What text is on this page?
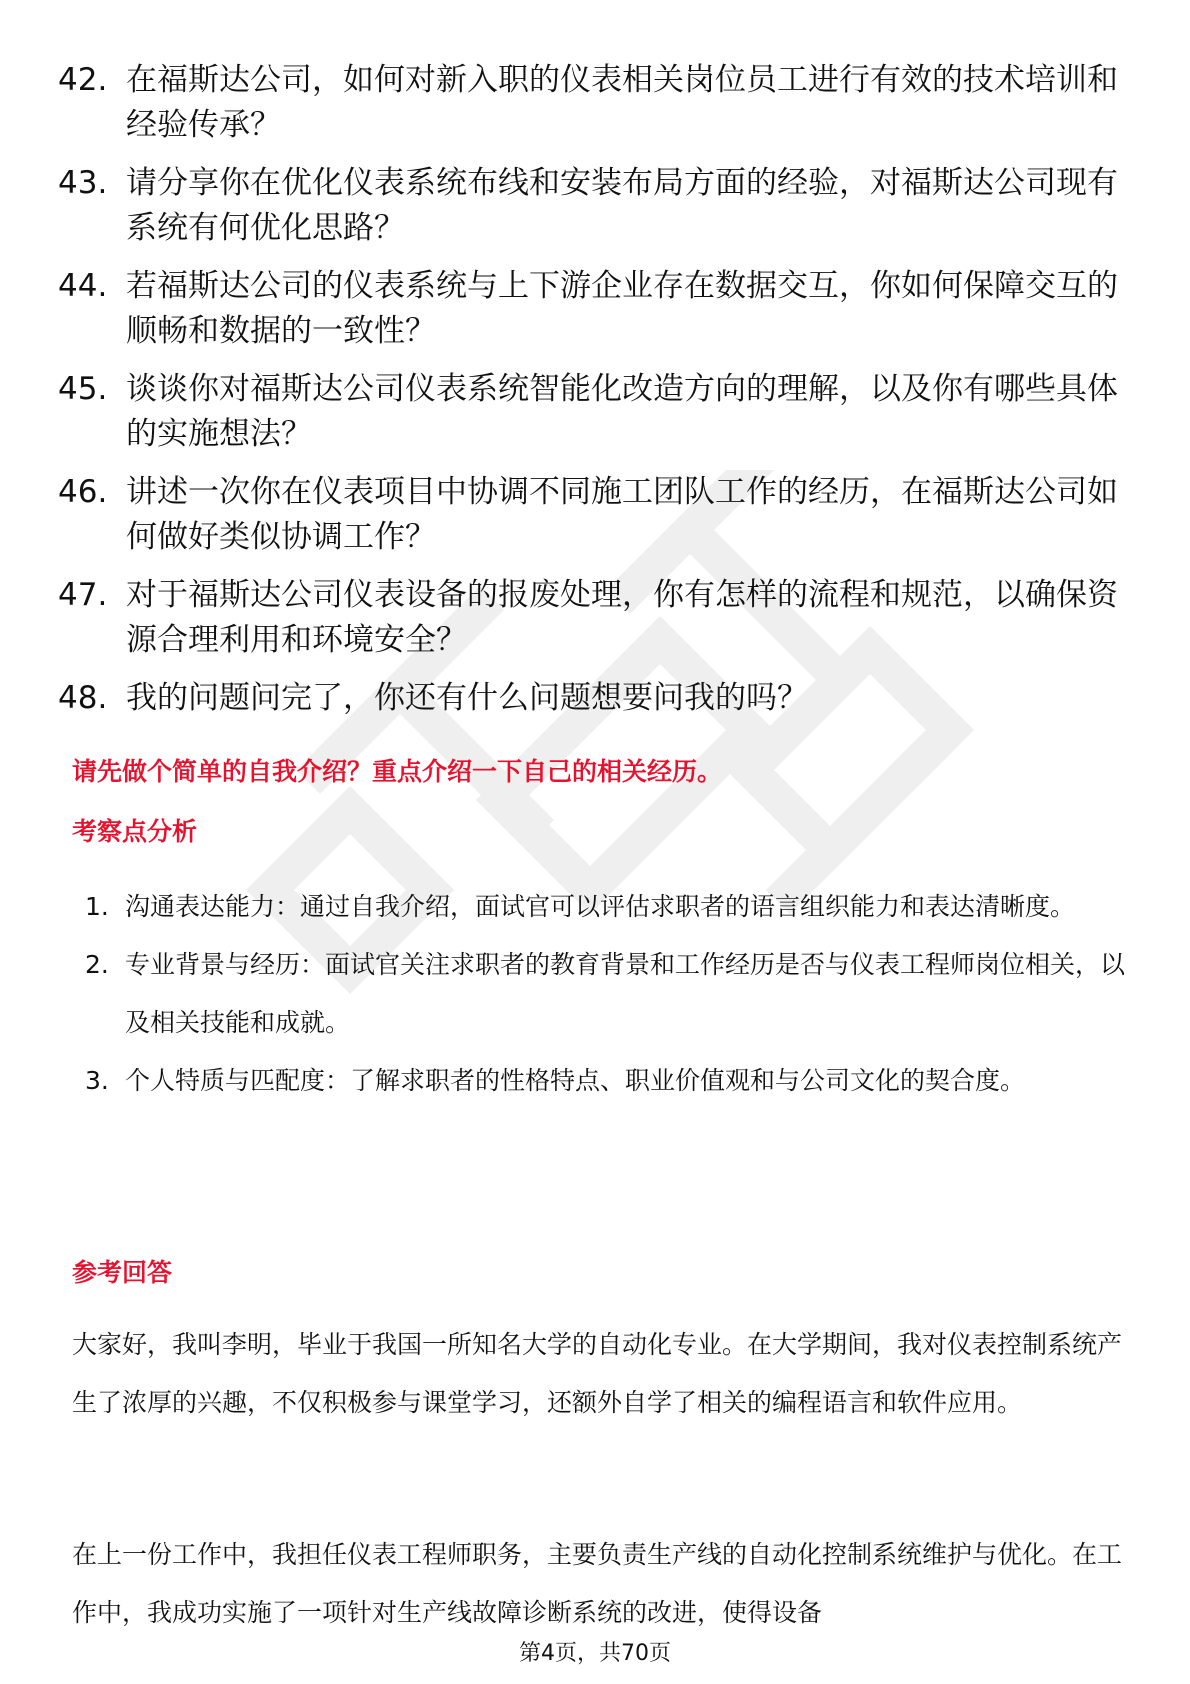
42. 在福斯达公司，如何对新入职的仪表相关岗位员工进行有效的技术培训和经验传承？
43. 请分享你在优化仪表系统布线和安装布局方面的经验，对福斯达公司现有系统有何优化思路？
44. 若福斯达公司的仪表系统与上下游企业存在数据交互，你如何保障交互的顺畅和数据的一致性？
45. 谈谈你对福斯达公司仪表系统智能化改造方向的理解，以及你有哪些具体的实施想法？
46. 讲述一次你在仪表项目中协调不同施工团队工作的经历，在福斯达公司如何做好类似协调工作？
47. 对于福斯达公司仪表设备的报废处理，你有怎样的流程和规范，以确保资源合理利用和环境安全？
48. 我的问题问完了，你还有什么问题想要问我的吗？
请先做个简单的自我介绍？重点介绍一下自己的相关经历。
考察点分析
1. 沟通表达能力：通过自我介绍，面试官可以评估求职者的语言组织能力和表达清晰度。
2. 专业背景与经历：面试官关注求职者的教育背景和工作经历是否与仪表工程师岗位相关，以及相关技能和成就。
3. 个人特质与匹配度：了解求职者的性格特点、职业价值观和与公司文化的契合度。
参考回答

大家好，我叫李明，毕业于我国一所知名大学的自动化专业。在大学期间，我对仪表控制系统产生了浓厚的兴趣，不仅积极参与课堂学习，还额外自学了相关的编程语言和软件应用。

在上一份工作中，我担任仪表工程师职务，主要负责生产线的自动化控制系统维护与优化。在工作中，我成功实施了一项针对生产线故障诊断系统的改进，使得设备

第4页，共70页
